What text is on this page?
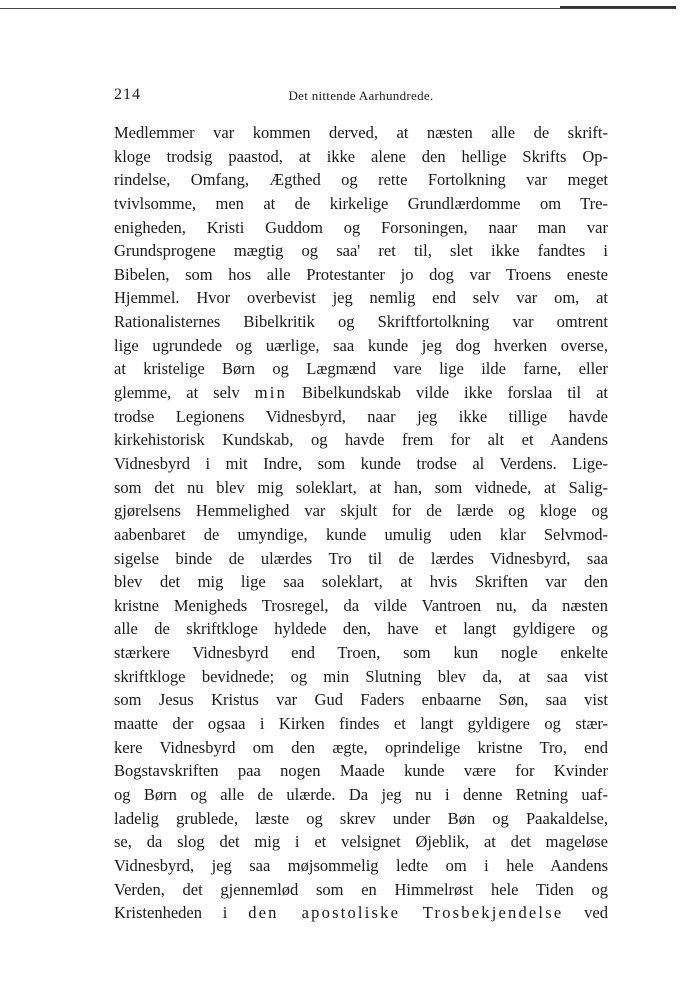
214	Det nittende Aarhundrede.
Medlemmer var kommen derved, at næsten alle de skrift-
kloge trodsig paastod, at ikke alene den hellige Skrifts Op-
rindelse, Omfang, Ægthed og rette Fortolkning var meget
tvivlsomme, men at de kirkelige Grundlærdomme om Tre-
enigheden, Kristi Guddom og Forsoningen, naar man var
Grundsprogene mægtig og saa' ret til, slet ikke fandtes i
Bibelen, som hos alle Protestanter jo dog var Troens eneste
Hjemmel. Hvor overbevist jeg nemlig end selv var om, at
Rationalisternes Bibelkritik og Skriftfortolkning var omtrent
lige ugrundede og uærlige, saa kunde jeg dog hverken overse,
at kristelige Børn og Lægmænd vare lige ilde farne, eller
glemme, at selv min Bibelkundskab vilde ikke forslaa til at
trodse Legionens Vidnesbyrd, naar jeg ikke tillige havde
kirkehistorisk Kundskab, og havde frem for alt et Aandens
Vidnesbyrd i mit Indre, som kunde trodse al Verdens. Lige-
som det nu blev mig soleklart, at han, som vidnede, at Salig-
gjørelsens Hemmelighed var skjult for de lærde og kloge og
aabenbaret de umyndige, kunde umulig uden klar Selvmod-
sigelse binde de ulærdes Tro til de lærdes Vidnesbyrd, saa
blev det mig lige saa soleklart, at hvis Skriften var den
kristne Menigheds Trosregel, da vilde Vantroen nu, da næsten
alle de skriftkloge hyldede den, have et langt gyldigere og
stærkere Vidnesbyrd end Troen, som kun nogle enkelte
skriftkloge bevidnede; og min Slutning blev da, at saa vist
som Jesus Kristus var Gud Faders enbaarne Søn, saa vist
maatte der ogsaa i Kirken findes et langt gyldigere og stær-
kere Vidnesbyrd om den ægte, oprindelige kristne Tro, end
Bogstavskriften paa nogen Maade kunde være for Kvinder
og Børn og alle de ulærde. Da jeg nu i denne Retning uaf-
ladelig grublede, læste og skrev under Bøn og Paakaldelse,
se, da slog det mig i et velsignet Øjeblik, at det mageløse
Vidnesbyrd, jeg saa møjsommelig ledte om i hele Aandens
Verden, det gjennemlød som en Himmelrøst hele Tiden og
Kristenheden i den apostoliske Trosbekjendelse ved
